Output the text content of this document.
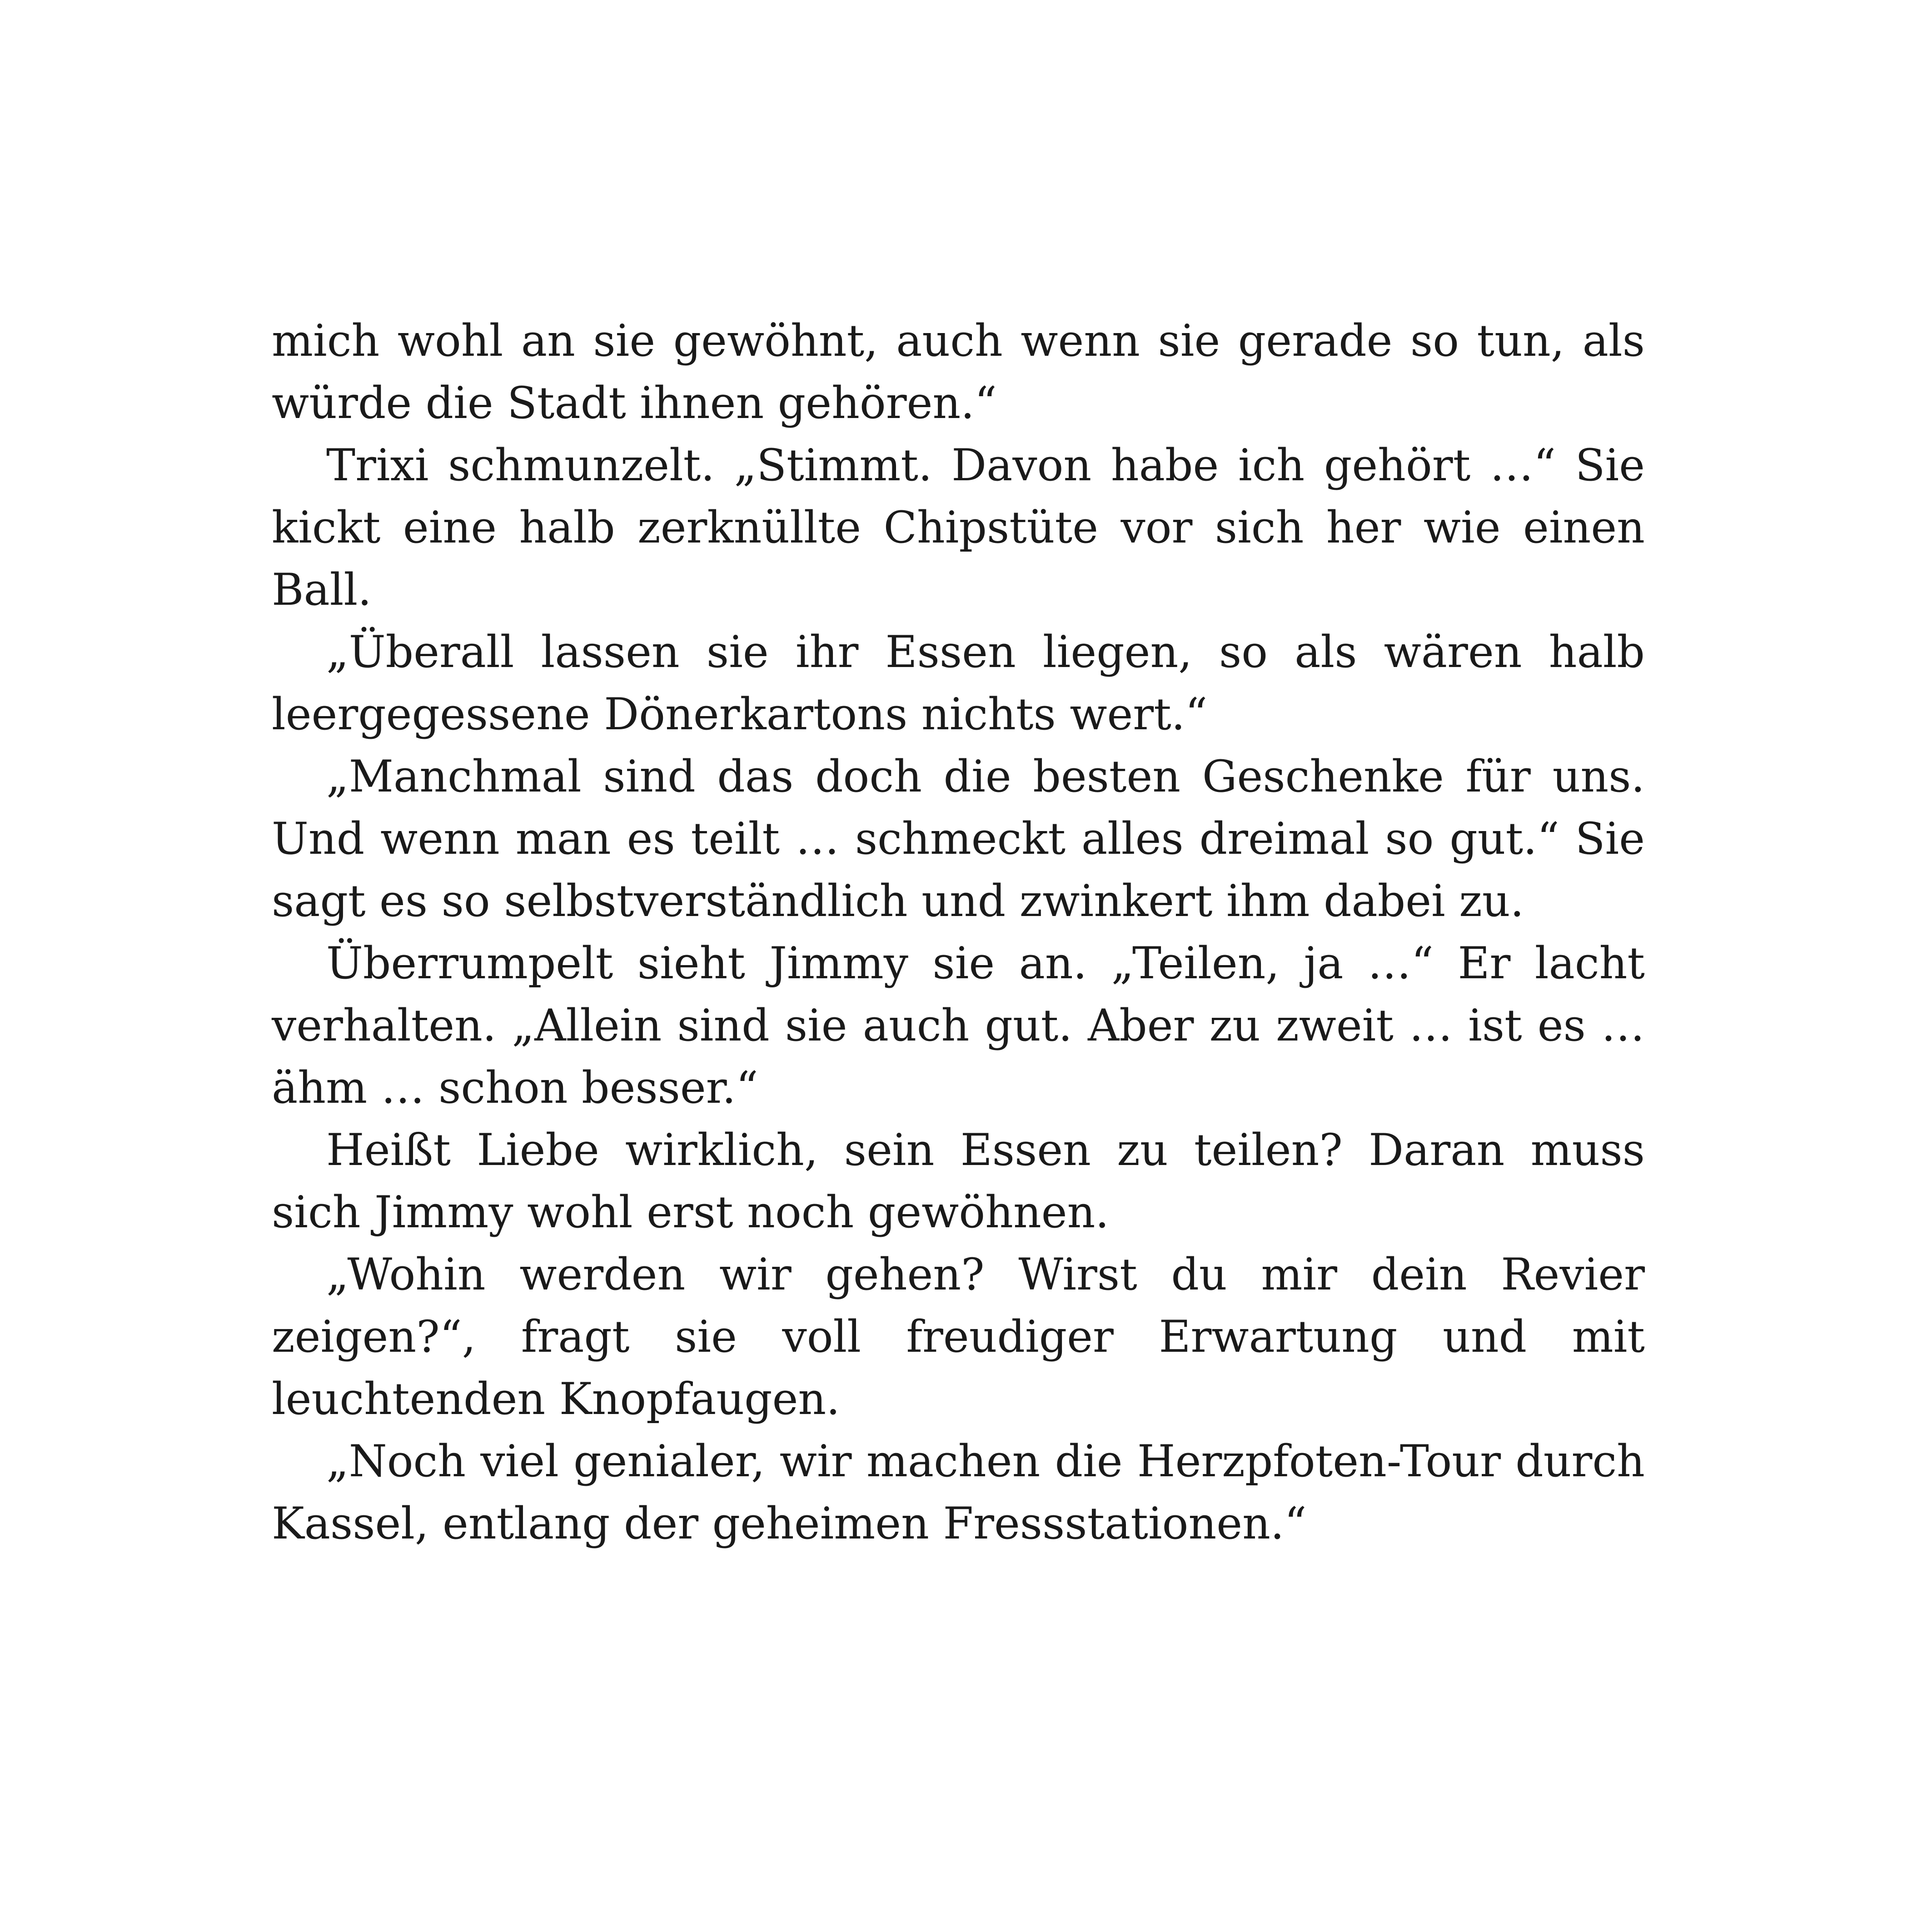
mich wohl an sie gewöhnt, auch wenn sie gerade so tun, als würde die Stadt ihnen gehören.“

Trixi schmunzelt. „Stimmt. Davon habe ich gehört …“ Sie kickt eine halb zerknüllte Chipstüte vor sich her wie einen Ball.

„Überall lassen sie ihr Essen liegen, so als wären halb leergegessene Dönerkartons nichts wert.“

„Manchmal sind das doch die besten Geschenke für uns. Und wenn man es teilt … schmeckt alles dreimal so gut.“ Sie sagt es so selbstverständlich und zwinkert ihm dabei zu.

Überrumpelt sieht Jimmy sie an. „Teilen, ja …“ Er lacht verhalten. „Allein sind sie auch gut. Aber zu zweit … ist es … ähm … schon besser.“

Heißt Liebe wirklich, sein Essen zu teilen? Daran muss sich Jimmy wohl erst noch gewöhnen.

„Wohin werden wir gehen? Wirst du mir dein Revier zeigen?“, fragt sie voll freudiger Erwartung und mit leuchtenden Knopfaugen.

„Noch viel genialer, wir machen die Herzpfoten-Tour durch Kassel, entlang der geheimen Fressstationen.“
